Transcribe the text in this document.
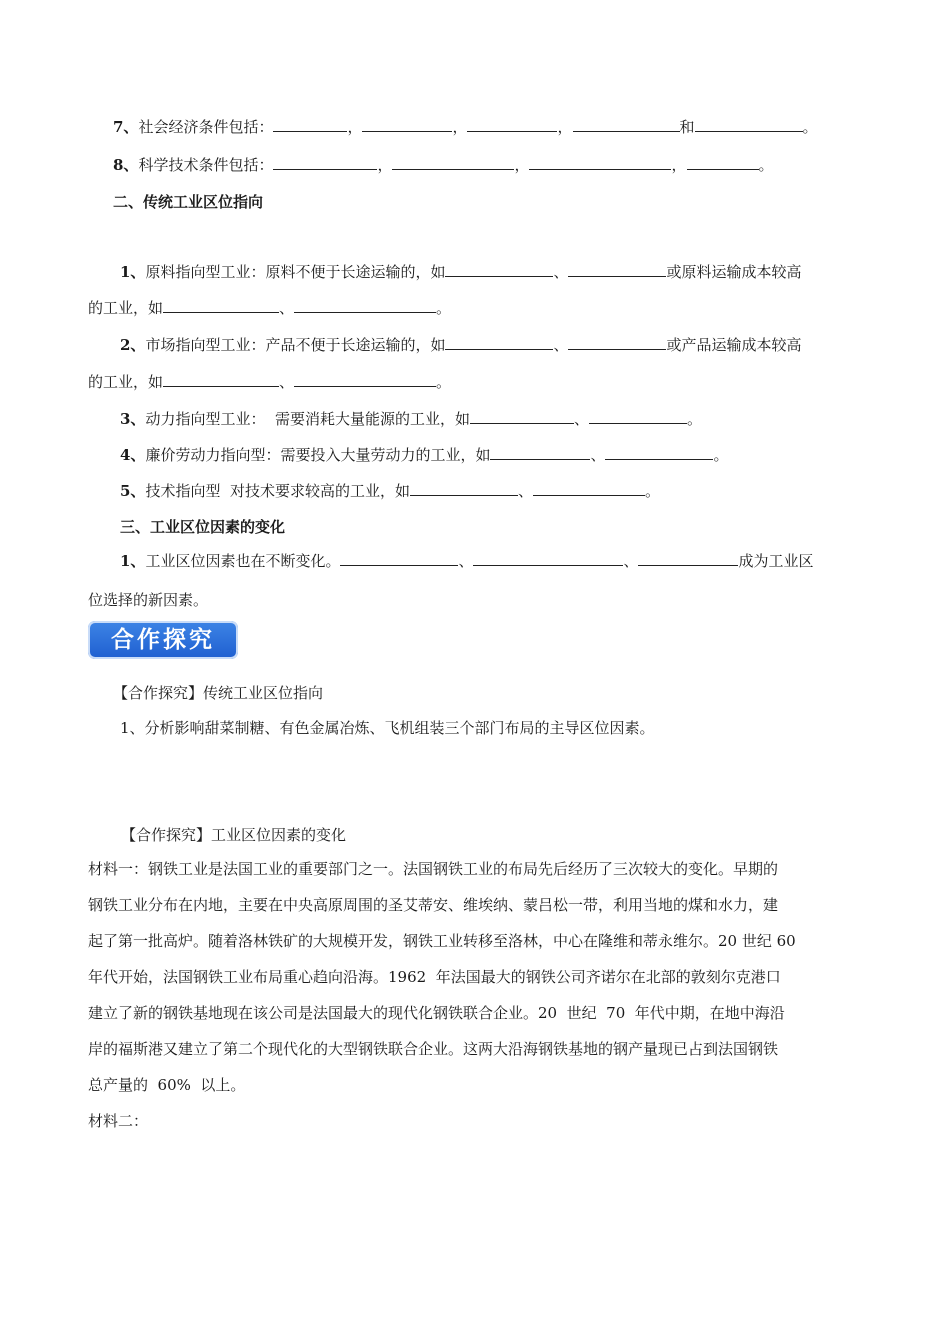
7、社会经济条件包括：	，	，	，	和	。
8、科学技术条件包括：	，	，	，	。
二、传统工业区位指向
1、原料指向型工业：原料不便于长途运输的，如	、	或原料运输成本较高
的工业，如	、	。
2、市场指向型工业：产品不便于长途运输的，如	、	或产品运输成本较高
的工业，如	、	。
3、动力指向型工业：  需要消耗大量能源的工业，如	、	。
4、廉价劳动力指向型：需要投入大量劳动力的工业，如	、	。
5、技术指向型  对技术要求较高的工业，如	、	。
三、工业区位因素的变化
1、工业区位因素也在不断变化。	、	、	成为工业区
位选择的新因素。
合作探究
【合作探究】传统工业区位指向
1、分析影响甜菜制糖、有色金属冶炼、飞机组装三个部门布局的主导区位因素。
【合作探究】工业区位因素的变化
材料一：钢铁工业是法国工业的重要部门之一。法国钢铁工业的布局先后经历了三次较大的变化。早期的
钢铁工业分布在内地，主要在中央高原周围的圣艾蒂安、维埃纳、蒙吕松一带，利用当地的煤和水力，建
起了第一批高炉。随着洛林铁矿的大规模开发，钢铁工业转移至洛林，中心在隆维和蒂永维尔。20 世纪 60
年代开始，法国钢铁工业布局重心趋向沿海。1962  年法国最大的钢铁公司齐诺尔在北部的敦刻尔克港口
建立了新的钢铁基地现在该公司是法国最大的现代化钢铁联合企业。20  世纪  70  年代中期，在地中海沿
岸的福斯港又建立了第二个现代化的大型钢铁联合企业。这两大沿海钢铁基地的钢产量现已占到法国钢铁
总产量的  60%  以上。
材料二：
